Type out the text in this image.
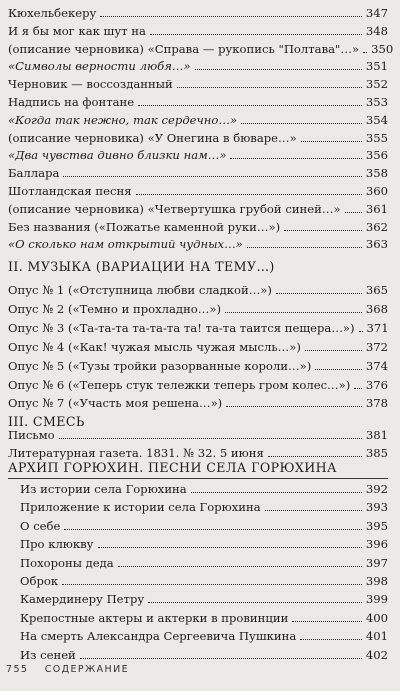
Кюхельбекеру	347
И я бы мог как шут на	348
(описание черновика) «Справа — рукопись "Полтава"…» 350
«Символы верности любя…»	351
Черновик — воссозданный	352
Надпись на фонтане	353
«Когда так нежно, так сердечно…»	354
(описание черновика) «У Онегина в бюваре…»	355
«Два чувства дивно близки нам…»	356
Баллара	358
Шотландская песня	360
(описание черновика) «Четвертушка грубой синей…» 361
Без названия («Пожатье каменной руки…»)	362
«О сколько нам открытий чудных…»	363
Опус № 1 («Отступница любви сладкой…»)	365
Опус № 2 («Темно и прохладно…»)	368
Опус № 3 («Та-та-та та-та-та та! та-та таится пещера…») 371
Опус № 4 («Как! чужая мысль чужая мысль…»)	372
Опус № 5 («Тузы тройки разорванные короли…»)	374
Опус № 6 («Теперь стук тележки теперь гром колес…») 376
Опус № 7 («Участь моя решена…»)	378
Письмо	381
Литературная газета. 1831. № 32. 5 июня	385
Из истории села Горюхина	392
Приложение к истории села Горюхина	393
О себе	395
Про клюкву	396
Похороны деда	397
Оброк	398
Камердинеру Петру	399
Крепостные актеры и актерки в провинции	400
На смерть Александра Сергеевича Пушкина	401
Из сеней	402
II. МУЗЫКА (ВАРИАЦИИ НА ТЕМУ…)
III. СМЕСЬ
АРХИП ГОРЮХИН. ПЕСНИ СЕЛА ГОРЮХИНА
755 СОДЕРЖАНИЕ
